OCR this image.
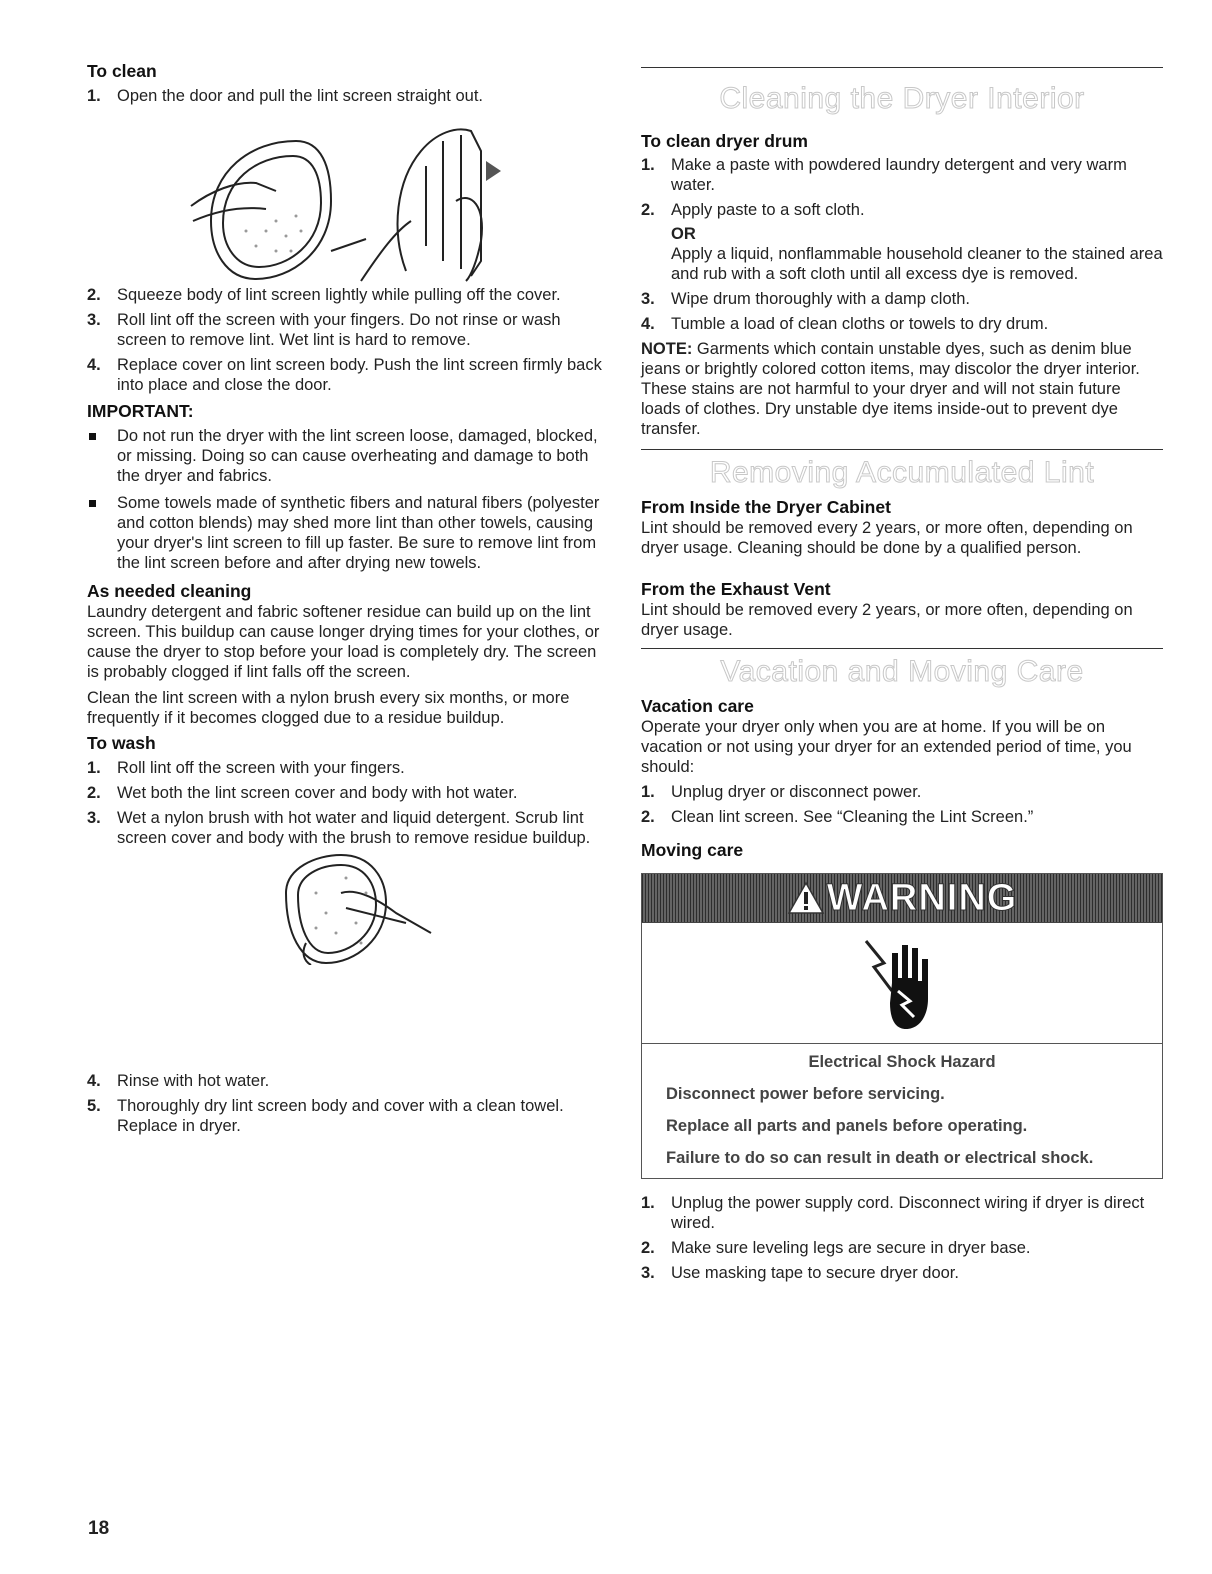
To clean
1. Open the door and pull the lint screen straight out.
2. Squeeze body of lint screen lightly while pulling off the cover.
3. Roll lint off the screen with your fingers. Do not rinse or wash screen to remove lint. Wet lint is hard to remove.
4. Replace cover on lint screen body. Push the lint screen firmly back into place and close the door.
IMPORTANT:
Do not run the dryer with the lint screen loose, damaged, blocked, or missing. Doing so can cause overheating and damage to both the dryer and fabrics.
Some towels made of synthetic fibers and natural fibers (polyester and cotton blends) may shed more lint than other towels, causing your dryer's lint screen to fill up faster. Be sure to remove lint from the lint screen before and after drying new towels.
As needed cleaning

Laundry detergent and fabric softener residue can build up on the lint screen. This buildup can cause longer drying times for your clothes, or cause the dryer to stop before your load is completely dry. The screen is probably clogged if lint falls off the screen.

Clean the lint screen with a nylon brush every six months, or more frequently if it becomes clogged due to a residue buildup.

To wash
1. Roll lint off the screen with your fingers.
2. Wet both the lint screen cover and body with hot water.
3. Wet a nylon brush with hot water and liquid detergent. Scrub lint screen cover and body with the brush to remove residue buildup.
4. Rinse with hot water.
5. Thoroughly dry lint screen body and cover with a clean towel. Replace in dryer.
Cleaning the Dryer Interior
To clean dryer drum
1. Make a paste with powdered laundry detergent and very warm water.
2. Apply paste to a soft cloth.
OR
Apply a liquid, nonflammable household cleaner to the stained area and rub with a soft cloth until all excess dye is removed.
3. Wipe drum thoroughly with a damp cloth.
4. Tumble a load of clean cloths or towels to dry drum.

NOTE: Garments which contain unstable dyes, such as denim blue jeans or brightly colored cotton items, may discolor the dryer interior. These stains are not harmful to your dryer and will not stain future loads of clothes. Dry unstable dye items inside-out to prevent dye transfer.

Removing Accumulated Lint
From Inside the Dryer Cabinet

Lint should be removed every 2 years, or more often, depending on dryer usage. Cleaning should be done by a qualified person.

From the Exhaust Vent

Lint should be removed every 2 years, or more often, depending on dryer usage.

Vacation and Moving Care
Vacation care

Operate your dryer only when you are at home. If you will be on vacation or not using your dryer for an extended period of time, you should:

1. Unplug dryer or disconnect power.
2. Clean lint screen. See “Cleaning the Lint Screen.”
Moving care
WARNING
Electrical Shock Hazard
Disconnect power before servicing.
Replace all parts and panels before operating.
Failure to do so can result in death or electrical shock.
1. Unplug the power supply cord. Disconnect wiring if dryer is direct wired.
2. Make sure leveling legs are secure in dryer base.
3. Use masking tape to secure dryer door.
18
